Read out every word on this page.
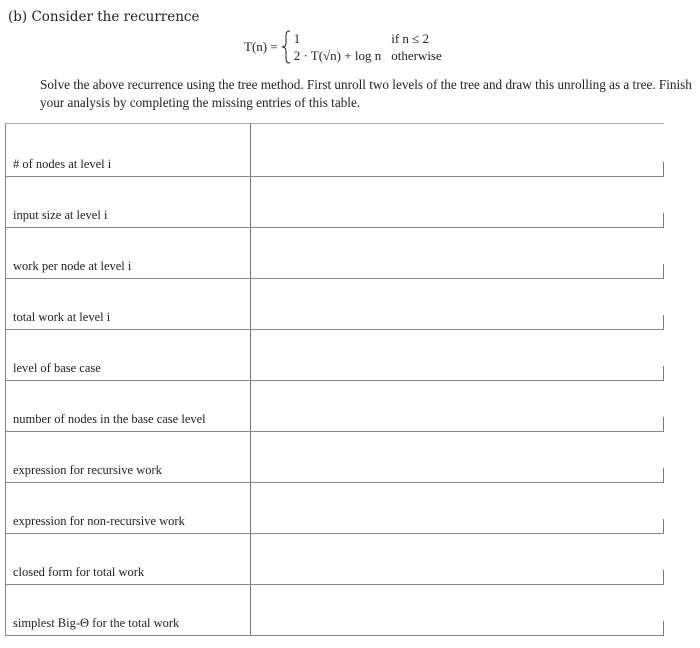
(b) Consider the recurrence
T(n) =
1	if n ≤ 2
2 · T(√n) + log n otherwise
Solve the above recurrence using the tree method. First unroll two levels of the tree and draw this unrolling as a tree. Finish your analysis by completing the missing entries of this table.
# of nodes at level i
input size at level i
work per node at level i
total work at level i
level of base case
number of nodes in the base case level
expression for recursive work
expression for non-recursive work
closed form for total work
simplest Big-Θ for the total work
